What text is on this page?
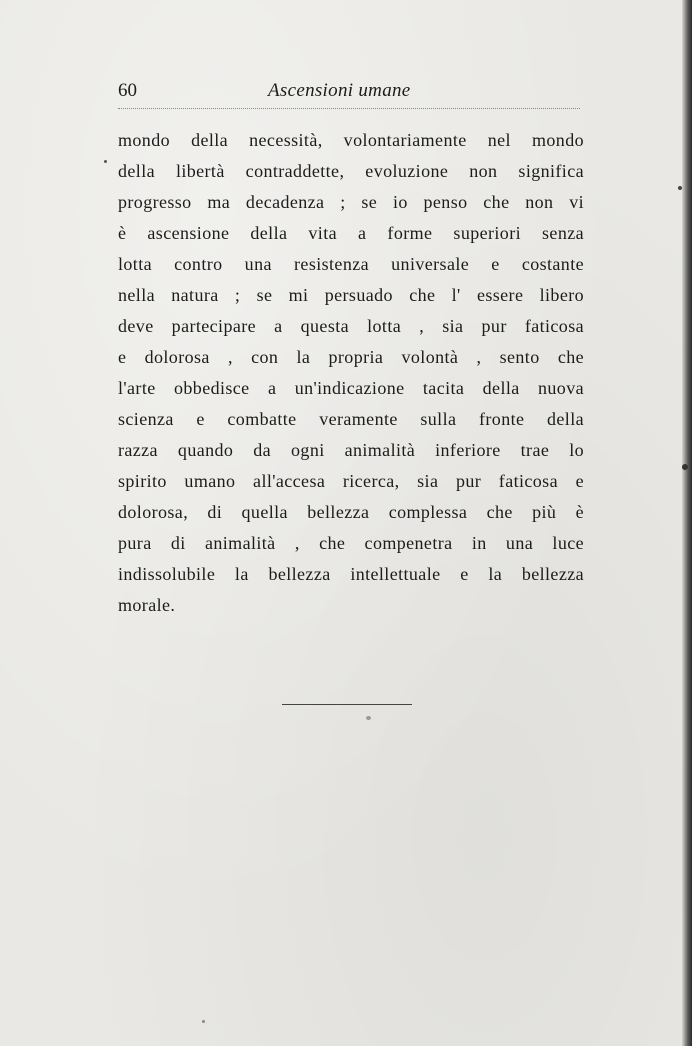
60	Ascensioni umane
mondo della necessità, volontariamente nel mondo
della libertà contraddette, evoluzione non significa
progresso ma decadenza ; se io penso che non vi
è ascensione della vita a forme superiori senza
lotta contro una resistenza universale e costante
nella natura ; se mi persuado che l' essere libero
deve partecipare a questa lotta , sia pur faticosa
e dolorosa , con la propria volontà , sento che
l'arte obbedisce a un'indicazione tacita della nuova
scienza e combatte veramente sulla fronte della
razza quando da ogni animalità inferiore trae lo
spirito umano all'accesa ricerca, sia pur faticosa e
dolorosa, di quella bellezza complessa che più è
pura di animalità , che compenetra in una luce
indissolubile la bellezza intellettuale e la bellezza
morale.
